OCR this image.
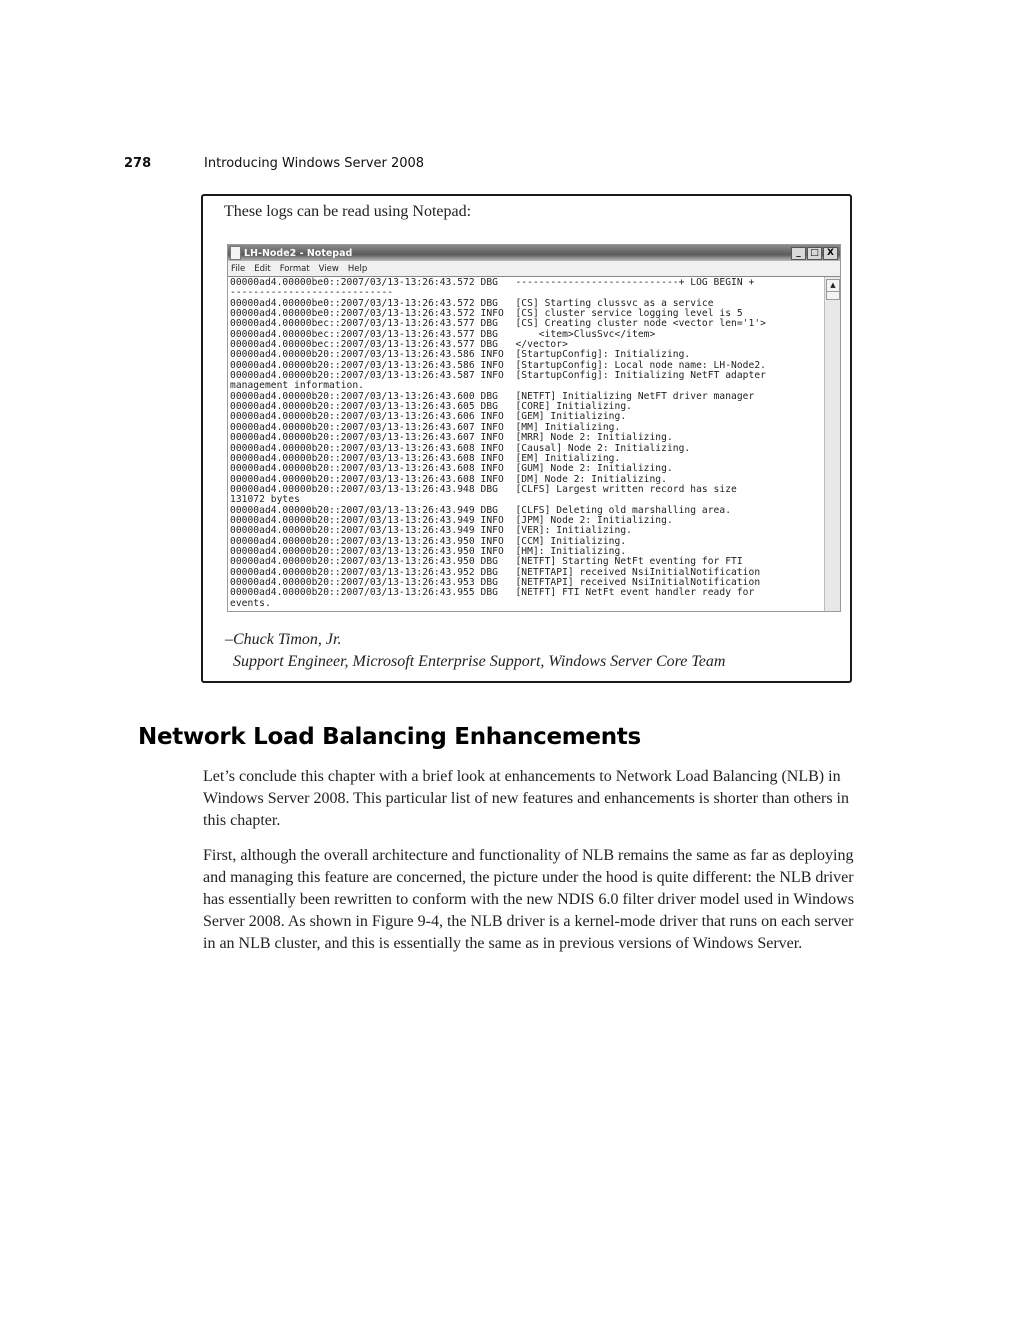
278	Introducing Windows Server 2008
These logs can be read using Notepad:
LH-Node2 - Notepad	_	□ X
File Edit Format View Help
00000ad4.00000be0::2007/03/13-13:26:43.572 DBG   ----------------------------+ LOG BEGIN +
----------------------------
00000ad4.00000be0::2007/03/13-13:26:43.572 DBG   [CS] Starting clussvc as a service
00000ad4.00000be0::2007/03/13-13:26:43.572 INFO  [CS] cluster service logging level is 5
00000ad4.00000bec::2007/03/13-13:26:43.577 DBG   [CS] Creating cluster node <vector len='1'>
00000ad4.00000bec::2007/03/13-13:26:43.577 DBG       <item>ClusSvc</item>
00000ad4.00000bec::2007/03/13-13:26:43.577 DBG   </vector>
00000ad4.00000b20::2007/03/13-13:26:43.586 INFO  [StartupConfig]: Initializing.
00000ad4.00000b20::2007/03/13-13:26:43.586 INFO  [StartupConfig]: Local node name: LH-Node2.
00000ad4.00000b20::2007/03/13-13:26:43.587 INFO  [StartupConfig]: Initializing NetFT adapter
management information.
00000ad4.00000b20::2007/03/13-13:26:43.600 DBG   [NETFT] Initializing NetFT driver manager
00000ad4.00000b20::2007/03/13-13:26:43.605 DBG   [CORE] Initializing.
00000ad4.00000b20::2007/03/13-13:26:43.606 INFO  [GEM] Initializing.
00000ad4.00000b20::2007/03/13-13:26:43.607 INFO  [MM] Initializing.
00000ad4.00000b20::2007/03/13-13:26:43.607 INFO  [MRR] Node 2: Initializing.
00000ad4.00000b20::2007/03/13-13:26:43.608 INFO  [Causal] Node 2: Initializing.
00000ad4.00000b20::2007/03/13-13:26:43.608 INFO  [EM] Initializing.
00000ad4.00000b20::2007/03/13-13:26:43.608 INFO  [GUM] Node 2: Initializing.
00000ad4.00000b20::2007/03/13-13:26:43.608 INFO  [DM] Node 2: Initializing.
00000ad4.00000b20::2007/03/13-13:26:43.948 DBG   [CLFS] Largest written record has size
131072 bytes
00000ad4.00000b20::2007/03/13-13:26:43.949 DBG   [CLFS] Deleting old marshalling area.
00000ad4.00000b20::2007/03/13-13:26:43.949 INFO  [JPM] Node 2: Initializing.
00000ad4.00000b20::2007/03/13-13:26:43.949 INFO  [VER]: Initializing.
00000ad4.00000b20::2007/03/13-13:26:43.950 INFO  [CCM] Initializing.
00000ad4.00000b20::2007/03/13-13:26:43.950 INFO  [HM]: Initializing.
00000ad4.00000b20::2007/03/13-13:26:43.950 DBG   [NETFT] Starting NetFt eventing for FTI
00000ad4.00000b20::2007/03/13-13:26:43.952 DBG   [NETFTAPI] received NsiInitialNotification
00000ad4.00000b20::2007/03/13-13:26:43.953 DBG   [NETFTAPI] received NsiInitialNotification
00000ad4.00000b20::2007/03/13-13:26:43.955 DBG   [NETFT] FTI NetFt event handler ready for
events.
▲
–Chuck Timon, Jr.
Support Engineer, Microsoft Enterprise Support, Windows Server Core Team
Network Load Balancing Enhancements

Let’s conclude this chapter with a brief look at enhancements to Network Load Balancing (NLB) in Windows Server 2008. This particular list of new features and enhancements is shorter than others in this chapter.

First, although the overall architecture and functionality of NLB remains the same as far as deploying and managing this feature are concerned, the picture under the hood is quite different: the NLB driver has essentially been rewritten to conform with the new NDIS 6.0 filter driver model used in Windows Server 2008. As shown in Figure 9-4, the NLB driver is a kernel-mode driver that runs on each server in an NLB cluster, and this is essentially the same as in previous versions of Windows Server.
